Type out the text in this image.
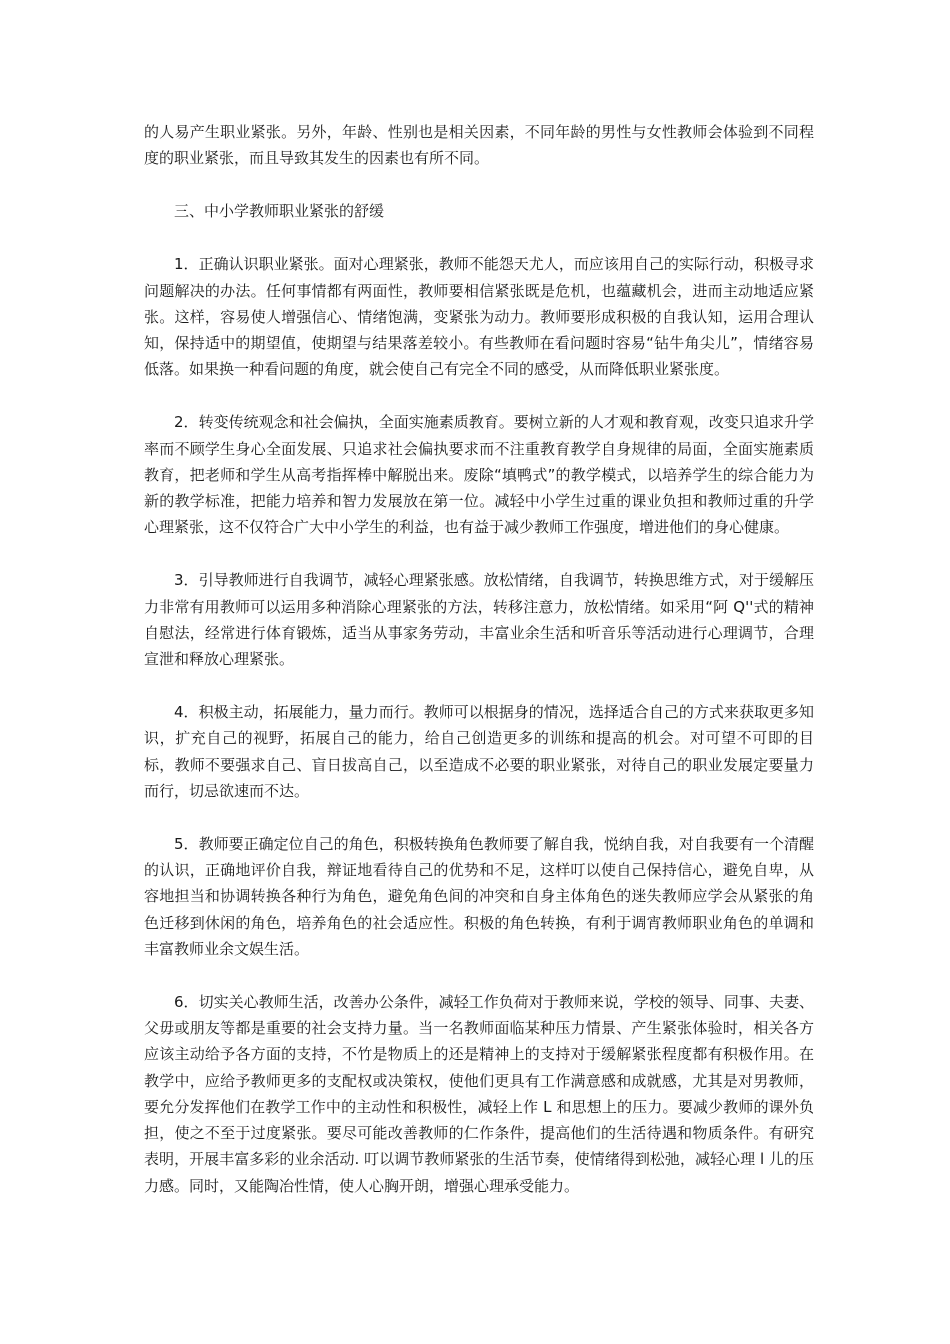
的人易产生职业紧张。另外，年龄、性别也是相关因素，不同年龄的男性与女性教师会体验到不同程度的职业紧张，而且导致其发生的因素也有所不同。

三、中小学教师职业紧张的舒缓

1．正确认识职业紧张。面对心理紧张，教师不能怨天尤人，而应该用自己的实际行动，积极寻求问题解决的办法。任何事情都有两面性，教师要相信紧张既是危机，也蕴藏机会，进而主动地适应紧张。这样，容易使人增强信心、情绪饱满，变紧张为动力。教师要形成积极的自我认知，运用合理认知，保持适中的期望值，使期望与结果落差较小。有些教师在看问题时容易“钻牛角尖儿”，情绪容易低落。如果换一种看问题的角度，就会使自己有完全不同的感受，从而降低职业紧张度。

2．转变传统观念和社会偏执，全面实施素质教育。要树立新的人才观和教育观，改变只追求升学率而不顾学生身心全面发展、只追求社会偏执要求而不注重教育教学自身规律的局面，全面实施素质教育，把老师和学生从高考指挥棒中解脱出来。废除“填鸭式”的教学模式，以培养学生的综合能力为新的教学标准，把能力培养和智力发展放在第一位。减轻中小学生过重的课业负担和教师过重的升学心理紧张，这不仅符合广大中小学生的利益，也有益于减少教师工作强度，增进他们的身心健康。

3．引导教师进行自我调节，减轻心理紧张感。放松情绪，自我调节，转换思维方式，对于缓解压力非常有用教师可以运用多种消除心理紧张的方法，转移注意力，放松情绪。如采用“阿 Q''式的精神自慰法，经常进行体育锻炼，适当从事家务劳动，丰富业余生活和听音乐等活动进行心理调节，合理宣泄和释放心理紧张。

4．积极主动，拓展能力，量力而行。教师可以根据身的情况，选择适合自己的方式来获取更多知识，扩充自己的视野，拓展自己的能力，给自己创造更多的训练和提高的机会。对可望不可即的目标，教师不要强求自己、盲日拔高自己，以至造成不必要的职业紧张，对待自己的职业发展定要量力而行，切忌欲速而不达。

5．教师要正确定位自己的角色，积极转换角色教师要了解自我，悦纳自我，对自我要有一个清醒的认识，正确地评价自我，辩证地看待自己的优势和不足，这样叮以使自己保持信心，避免自卑，从容地担当和协调转换各种行为角色，避免角色间的冲突和自身主体角色的迷失教师应学会从紧张的角色迁移到休闲的角色，培养角色的社会适应性。积极的角色转换，有利于调宵教师职业角色的单调和丰富教师业余文娱生活。

6．切实关心教师生活，改善办公条件，减轻工作负荷对于教师来说，学校的领导、同事、夫妻、父毋或朋友等都是重要的社会支持力量。当一名教师面临某种压力情景、产生紧张体验时，相关各方应该主动给予各方面的支持，不竹是物质上的还是精神上的支持对于缓解紧张程度都有积极作用。在教学中，应给予教师更多的支配权或决策权，使他们更具有工作满意感和成就感，尤其是对男教师，要允分发挥他们在教学工作中的主动性和积极性，减轻上作 L 和思想上的压力。要减少教师的课外负担，使之不至于过度紧张。要尽可能改善教师的仁作条件，提高他们的生活待遇和物质条件。有研究表明，开展丰富多彩的业余活动. 叮以调节教师紧张的生活节奏，使情绪得到松弛，减轻心理 l 儿的压力感。同时，又能陶冶性情，使人心胸开朗，增强心理承受能力。
